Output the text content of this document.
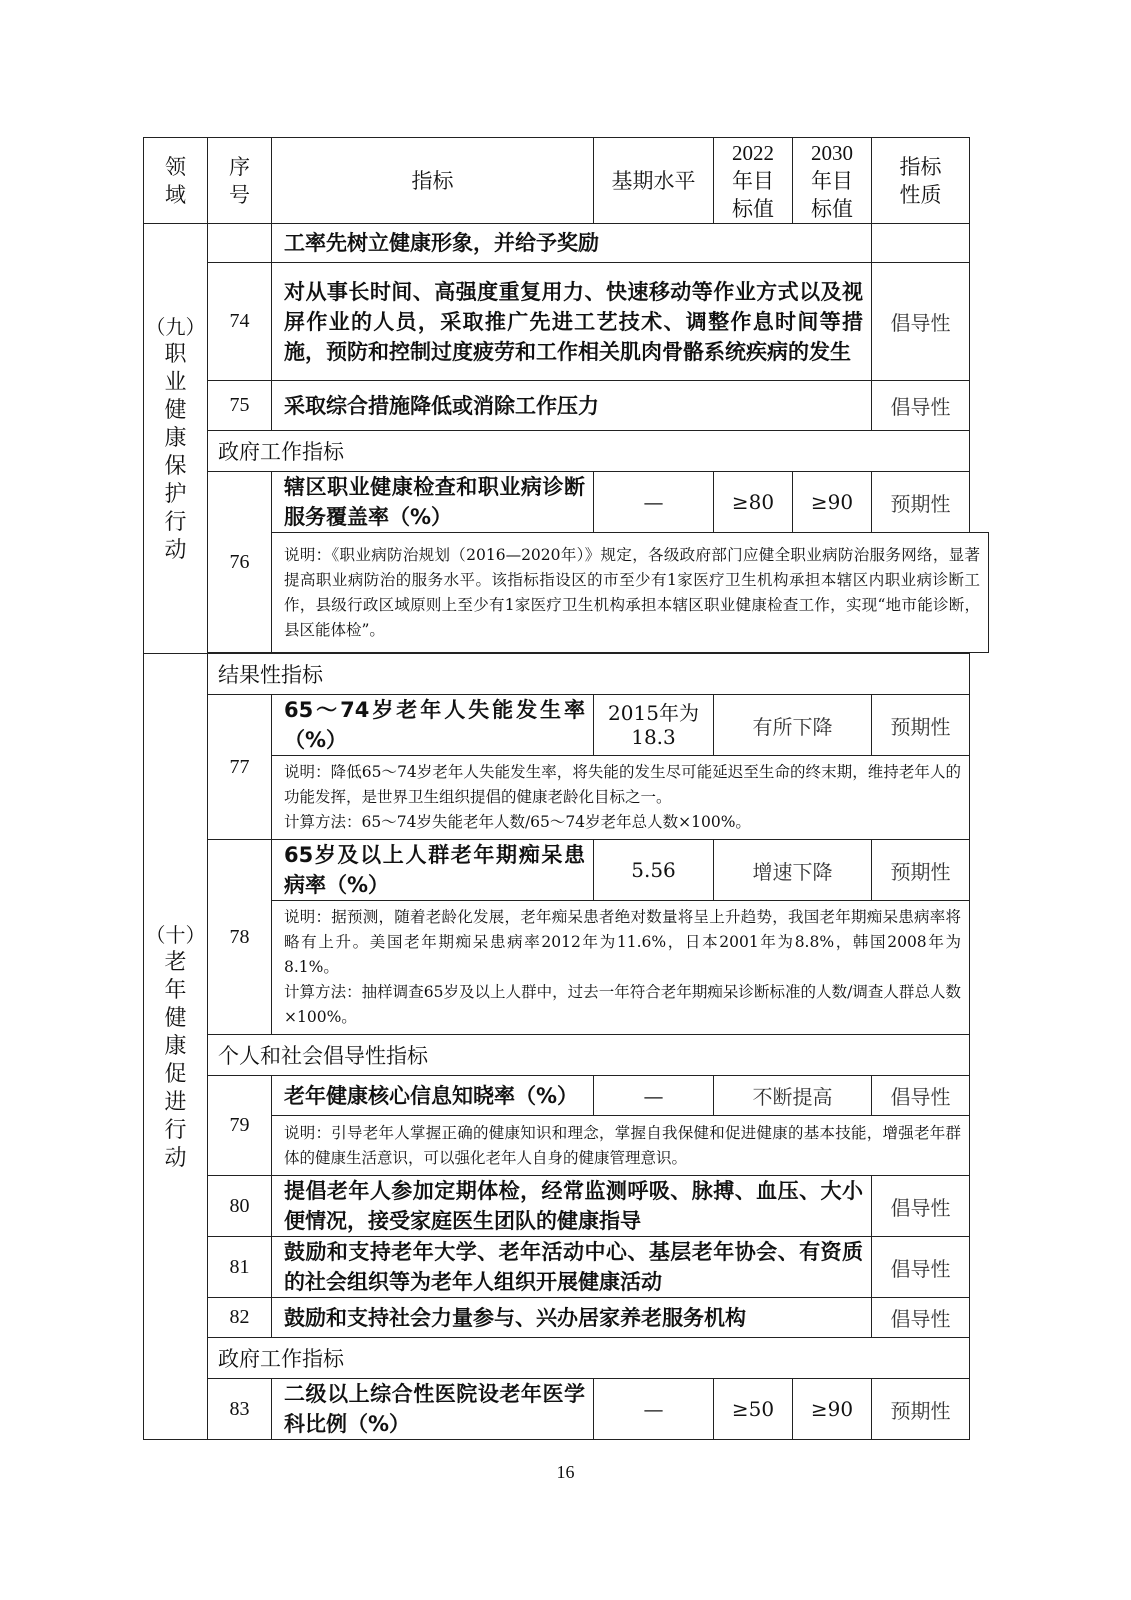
领域	序号	指标	基期水平	2022年目标值	2030年目标值	指标性质

（九）
职业健康保护行动		工率先树立健康形象，并给予奖励				
	74	对从事长时间、高强度重复用力、快速移动等作业方式以及视屏作业的人员，采取推广先进工艺技术、调整作息时间等措施，预防和控制过度疲劳和工作相关肌肉骨骼系统疾病的发生				倡导性
	75	采取综合措施降低或消除工作压力				倡导性
	政府工作指标					
	76	辖区职业健康检查和职业病诊断服务覆盖率（%）	—	≥80	≥90	预期性
		说明：《职业病防治规划（2016—2020年）》规定，各级政府部门应健全职业病防治服务网络，显著提高职业病防治的服务水平。该指标指设区的市至少有1家医疗卫生机构承担本辖区内职业病诊断工作，县级行政区域原则上至少有1家医疗卫生机构承担本辖区职业健康检查工作，实现“地市能诊断，县区能体检”。				

（十）
老年健康促进行动	结果性指标					
	77	65～74岁老年人失能发生率（%）	2015年为18.3	有所下降		预期性

		说明：降低65～74岁老年人失能发生率，将失能的发生尽可能延迟至生命的终末期，维持老年人的功能发挥，是世界卫生组织提倡的健康老龄化目标之一。

计算方法：65～74岁失能老年人数/65～74岁老年总人数×100%。				

	78	65岁及以上人群老年期痴呆患病率（%）	5.56	增速下降		预期性

		说明：据预测，随着老龄化发展，老年痴呆患者绝对数量将呈上升趋势，我国老年期痴呆患病率将略有上升。美国老年期痴呆患病率2012年为11.6%，日本2001年为8.8%，韩国2008年为8.1%。

计算方法：抽样调查65岁及以上人群中，过去一年符合老年期痴呆诊断标准的人数/调查人群总人数×100%。				

	个人和社会倡导性指标					
	79	老年健康核心信息知晓率（%）	—	不断提高		倡导性
		说明：引导老年人掌握正确的健康知识和理念，掌握自我保健和促进健康的基本技能，增强老年群体的健康生活意识，可以强化老年人自身的健康管理意识。				
	80	提倡老年人参加定期体检，经常监测呼吸、脉搏、血压、大小便情况，接受家庭医生团队的健康指导				倡导性
	81	鼓励和支持老年大学、老年活动中心、基层老年协会、有资质的社会组织等为老年人组织开展健康活动				倡导性
	82	鼓励和支持社会力量参与、兴办居家养老服务机构				倡导性
	政府工作指标					
	83	二级以上综合性医院设老年医学科比例（%）	—	≥50	≥90	预期性
16
